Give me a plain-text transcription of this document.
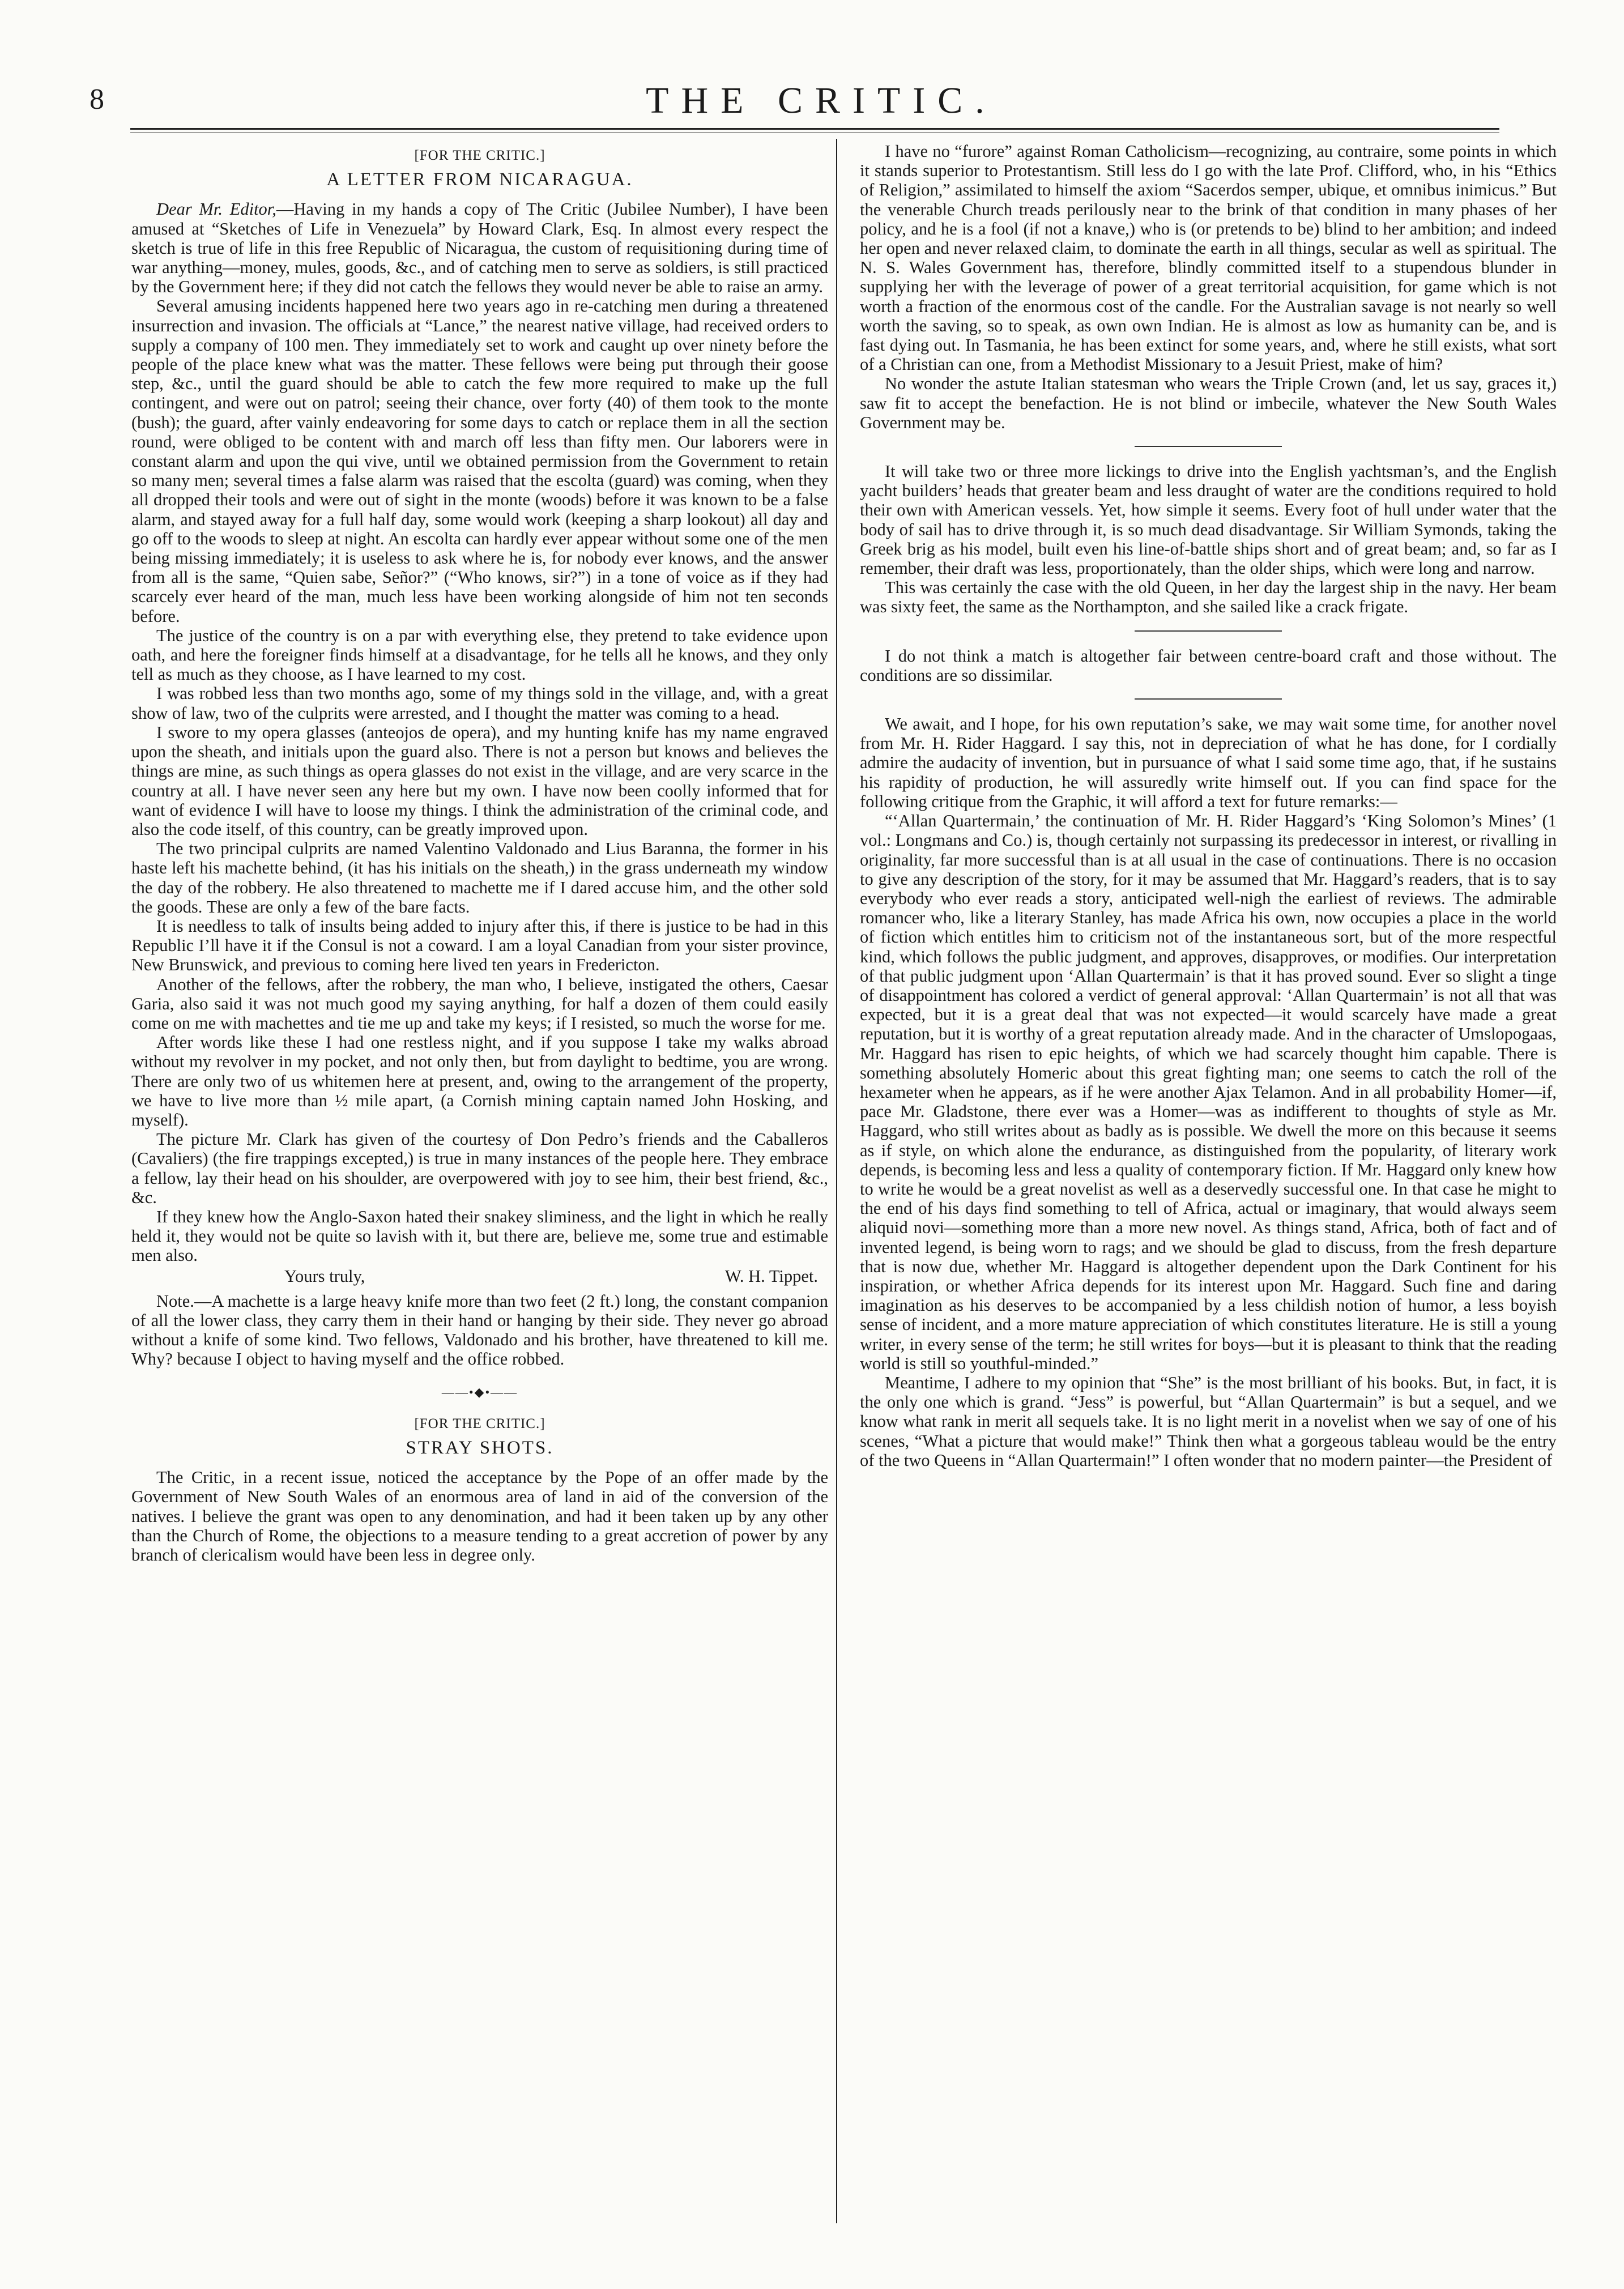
8	THE CRITIC.
[FOR THE CRITIC.]
A LETTER FROM NICARAGUA.

Dear Mr. Editor,—Having in my hands a copy of The Critic (Jubilee Number), I have been amused at “Sketches of Life in Venezuela” by Howard Clark, Esq. In almost every respect the sketch is true of life in this free Republic of Nicaragua, the custom of requisitioning during time of war anything—money, mules, goods, &c., and of catching men to serve as soldiers, is still practiced by the Government here; if they did not catch the fellows they would never be able to raise an army.

Several amusing incidents happened here two years ago in re-catching men during a threatened insurrection and invasion. The officials at “Lance,” the nearest native village, had received orders to supply a company of 100 men. They immediately set to work and caught up over ninety before the people of the place knew what was the matter. These fellows were being put through their goose step, &c., until the guard should be able to catch the few more required to make up the full contingent, and were out on patrol; seeing their chance, over forty (40) of them took to the monte (bush); the guard, after vainly endeavoring for some days to catch or replace them in all the section round, were obliged to be content with and march off less than fifty men. Our laborers were in constant alarm and upon the qui vive, until we obtained permission from the Government to retain so many men; several times a false alarm was raised that the escolta (guard) was coming, when they all dropped their tools and were out of sight in the monte (woods) before it was known to be a false alarm, and stayed away for a full half day, some would work (keeping a sharp lookout) all day and go off to the woods to sleep at night. An escolta can hardly ever appear without some one of the men being missing immediately; it is useless to ask where he is, for nobody ever knows, and the answer from all is the same, “Quien sabe, Señor?” (“Who knows, sir?”) in a tone of voice as if they had scarcely ever heard of the man, much less have been working alongside of him not ten seconds before.

The justice of the country is on a par with everything else, they pretend to take evidence upon oath, and here the foreigner finds himself at a disadvantage, for he tells all he knows, and they only tell as much as they choose, as I have learned to my cost.

I was robbed less than two months ago, some of my things sold in the village, and, with a great show of law, two of the culprits were arrested, and I thought the matter was coming to a head.

I swore to my opera glasses (anteojos de opera), and my hunting knife has my name engraved upon the sheath, and initials upon the guard also. There is not a person but knows and believes the things are mine, as such things as opera glasses do not exist in the village, and are very scarce in the country at all. I have never seen any here but my own. I have now been coolly informed that for want of evidence I will have to loose my things. I think the administration of the criminal code, and also the code itself, of this country, can be greatly improved upon.

The two principal culprits are named Valentino Valdonado and Lius Baranna, the former in his haste left his machette behind, (it has his initials on the sheath,) in the grass underneath my window the day of the robbery. He also threatened to machette me if I dared accuse him, and the other sold the goods. These are only a few of the bare facts.

It is needless to talk of insults being added to injury after this, if there is justice to be had in this Republic I’ll have it if the Consul is not a coward. I am a loyal Canadian from your sister province, New Brunswick, and previous to coming here lived ten years in Fredericton.

Another of the fellows, after the robbery, the man who, I believe, instigated the others, Caesar Garia, also said it was not much good my saying anything, for half a dozen of them could easily come on me with machettes and tie me up and take my keys; if I resisted, so much the worse for me.

After words like these I had one restless night, and if you suppose I take my walks abroad without my revolver in my pocket, and not only then, but from daylight to bedtime, you are wrong. There are only two of us whitemen here at present, and, owing to the arrangement of the property, we have to live more than ½ mile apart, (a Cornish mining captain named John Hosking, and myself).

The picture Mr. Clark has given of the courtesy of Don Pedro’s friends and the Caballeros (Cavaliers) (the fire trappings excepted,) is true in many instances of the people here. They embrace a fellow, lay their head on his shoulder, are overpowered with joy to see him, their best friend, &c., &c.

If they knew how the Anglo-Saxon hated their snakey sliminess, and the light in which he really held it, they would not be quite so lavish with it, but there are, believe me, some true and estimable men also.

Yours truly,	W. H. Tippet.

Note.—A machette is a large heavy knife more than two feet (2 ft.) long, the constant companion of all the lower class, they carry them in their hand or hanging by their side. They never go abroad without a knife of some kind. Two fellows, Valdonado and his brother, have threatened to kill me. Why? because I object to having myself and the office robbed.

——•◆•——
[FOR THE CRITIC.]
STRAY SHOTS.

The Critic, in a recent issue, noticed the acceptance by the Pope of an offer made by the Government of New South Wales of an enormous area of land in aid of the conversion of the natives. I believe the grant was open to any denomination, and had it been taken up by any other than the Church of Rome, the objections to a measure tending to a great accretion of power by any branch of clericalism would have been less in degree only.

I have no “furore” against Roman Catholicism—recognizing, au contraire, some points in which it stands superior to Protestantism. Still less do I go with the late Prof. Clifford, who, in his “Ethics of Religion,” assimilated to himself the axiom “Sacerdos semper, ubique, et omnibus inimicus.” But the venerable Church treads perilously near to the brink of that condition in many phases of her policy, and he is a fool (if not a knave,) who is (or pretends to be) blind to her ambition; and indeed her open and never relaxed claim, to dominate the earth in all things, secular as well as spiritual. The N. S. Wales Government has, therefore, blindly committed itself to a stupendous blunder in supplying her with the leverage of power of a great territorial acquisition, for game which is not worth a fraction of the enormous cost of the candle. For the Australian savage is not nearly so well worth the saving, so to speak, as own own Indian. He is almost as low as humanity can be, and is fast dying out. In Tasmania, he has been extinct for some years, and, where he still exists, what sort of a Christian can one, from a Methodist Missionary to a Jesuit Priest, make of him?

No wonder the astute Italian statesman who wears the Triple Crown (and, let us say, graces it,) saw fit to accept the benefaction. He is not blind or imbecile, whatever the New South Wales Government may be.

It will take two or three more lickings to drive into the English yachtsman’s, and the English yacht builders’ heads that greater beam and less draught of water are the conditions required to hold their own with American vessels. Yet, how simple it seems. Every foot of hull under water that the body of sail has to drive through it, is so much dead disadvantage. Sir William Symonds, taking the Greek brig as his model, built even his line-of-battle ships short and of great beam; and, so far as I remember, their draft was less, proportionately, than the older ships, which were long and narrow.

This was certainly the case with the old Queen, in her day the largest ship in the navy. Her beam was sixty feet, the same as the Northampton, and she sailed like a crack frigate.

I do not think a match is altogether fair between centre-board craft and those without. The conditions are so dissimilar.

We await, and I hope, for his own reputation’s sake, we may wait some time, for another novel from Mr. H. Rider Haggard. I say this, not in depreciation of what he has done, for I cordially admire the audacity of invention, but in pursuance of what I said some time ago, that, if he sustains his rapidity of production, he will assuredly write himself out. If you can find space for the following critique from the Graphic, it will afford a text for future remarks:—

“‘Allan Quartermain,’ the continuation of Mr. H. Rider Haggard’s ‘King Solomon’s Mines’ (1 vol.: Longmans and Co.) is, though certainly not surpassing its predecessor in interest, or rivalling in originality, far more successful than is at all usual in the case of continuations. There is no occasion to give any description of the story, for it may be assumed that Mr. Haggard’s readers, that is to say everybody who ever reads a story, anticipated well-nigh the earliest of reviews. The admirable romancer who, like a literary Stanley, has made Africa his own, now occupies a place in the world of fiction which entitles him to criticism not of the instantaneous sort, but of the more respectful kind, which follows the public judgment, and approves, disapproves, or modifies. Our interpretation of that public judgment upon ‘Allan Quartermain’ is that it has proved sound. Ever so slight a tinge of disappointment has colored a verdict of general approval: ‘Allan Quartermain’ is not all that was expected, but it is a great deal that was not expected—it would scarcely have made a great reputation, but it is worthy of a great reputation already made. And in the character of Umslopogaas, Mr. Haggard has risen to epic heights, of which we had scarcely thought him capable. There is something absolutely Homeric about this great fighting man; one seems to catch the roll of the hexameter when he appears, as if he were another Ajax Telamon. And in all probability Homer—if, pace Mr. Gladstone, there ever was a Homer—was as indifferent to thoughts of style as Mr. Haggard, who still writes about as badly as is possible. We dwell the more on this because it seems as if style, on which alone the endurance, as distinguished from the popularity, of literary work depends, is becoming less and less a quality of contemporary fiction. If Mr. Haggard only knew how to write he would be a great novelist as well as a deservedly successful one. In that case he might to the end of his days find something to tell of Africa, actual or imaginary, that would always seem aliquid novi—something more than a more new novel. As things stand, Africa, both of fact and of invented legend, is being worn to rags; and we should be glad to discuss, from the fresh departure that is now due, whether Mr. Haggard is altogether dependent upon the Dark Continent for his inspiration, or whether Africa depends for its interest upon Mr. Haggard. Such fine and daring imagination as his deserves to be accompanied by a less childish notion of humor, a less boyish sense of incident, and a more mature appreciation of which constitutes literature. He is still a young writer, in every sense of the term; he still writes for boys—but it is pleasant to think that the reading world is still so youthful-minded.”

Meantime, I adhere to my opinion that “She” is the most brilliant of his books. But, in fact, it is the only one which is grand. “Jess” is powerful, but “Allan Quartermain” is but a sequel, and we know what rank in merit all sequels take. It is no light merit in a novelist when we say of one of his scenes, “What a picture that would make!” Think then what a gorgeous tableau would be the entry of the two Queens in “Allan Quartermain!” I often wonder that no modern painter—the President of
